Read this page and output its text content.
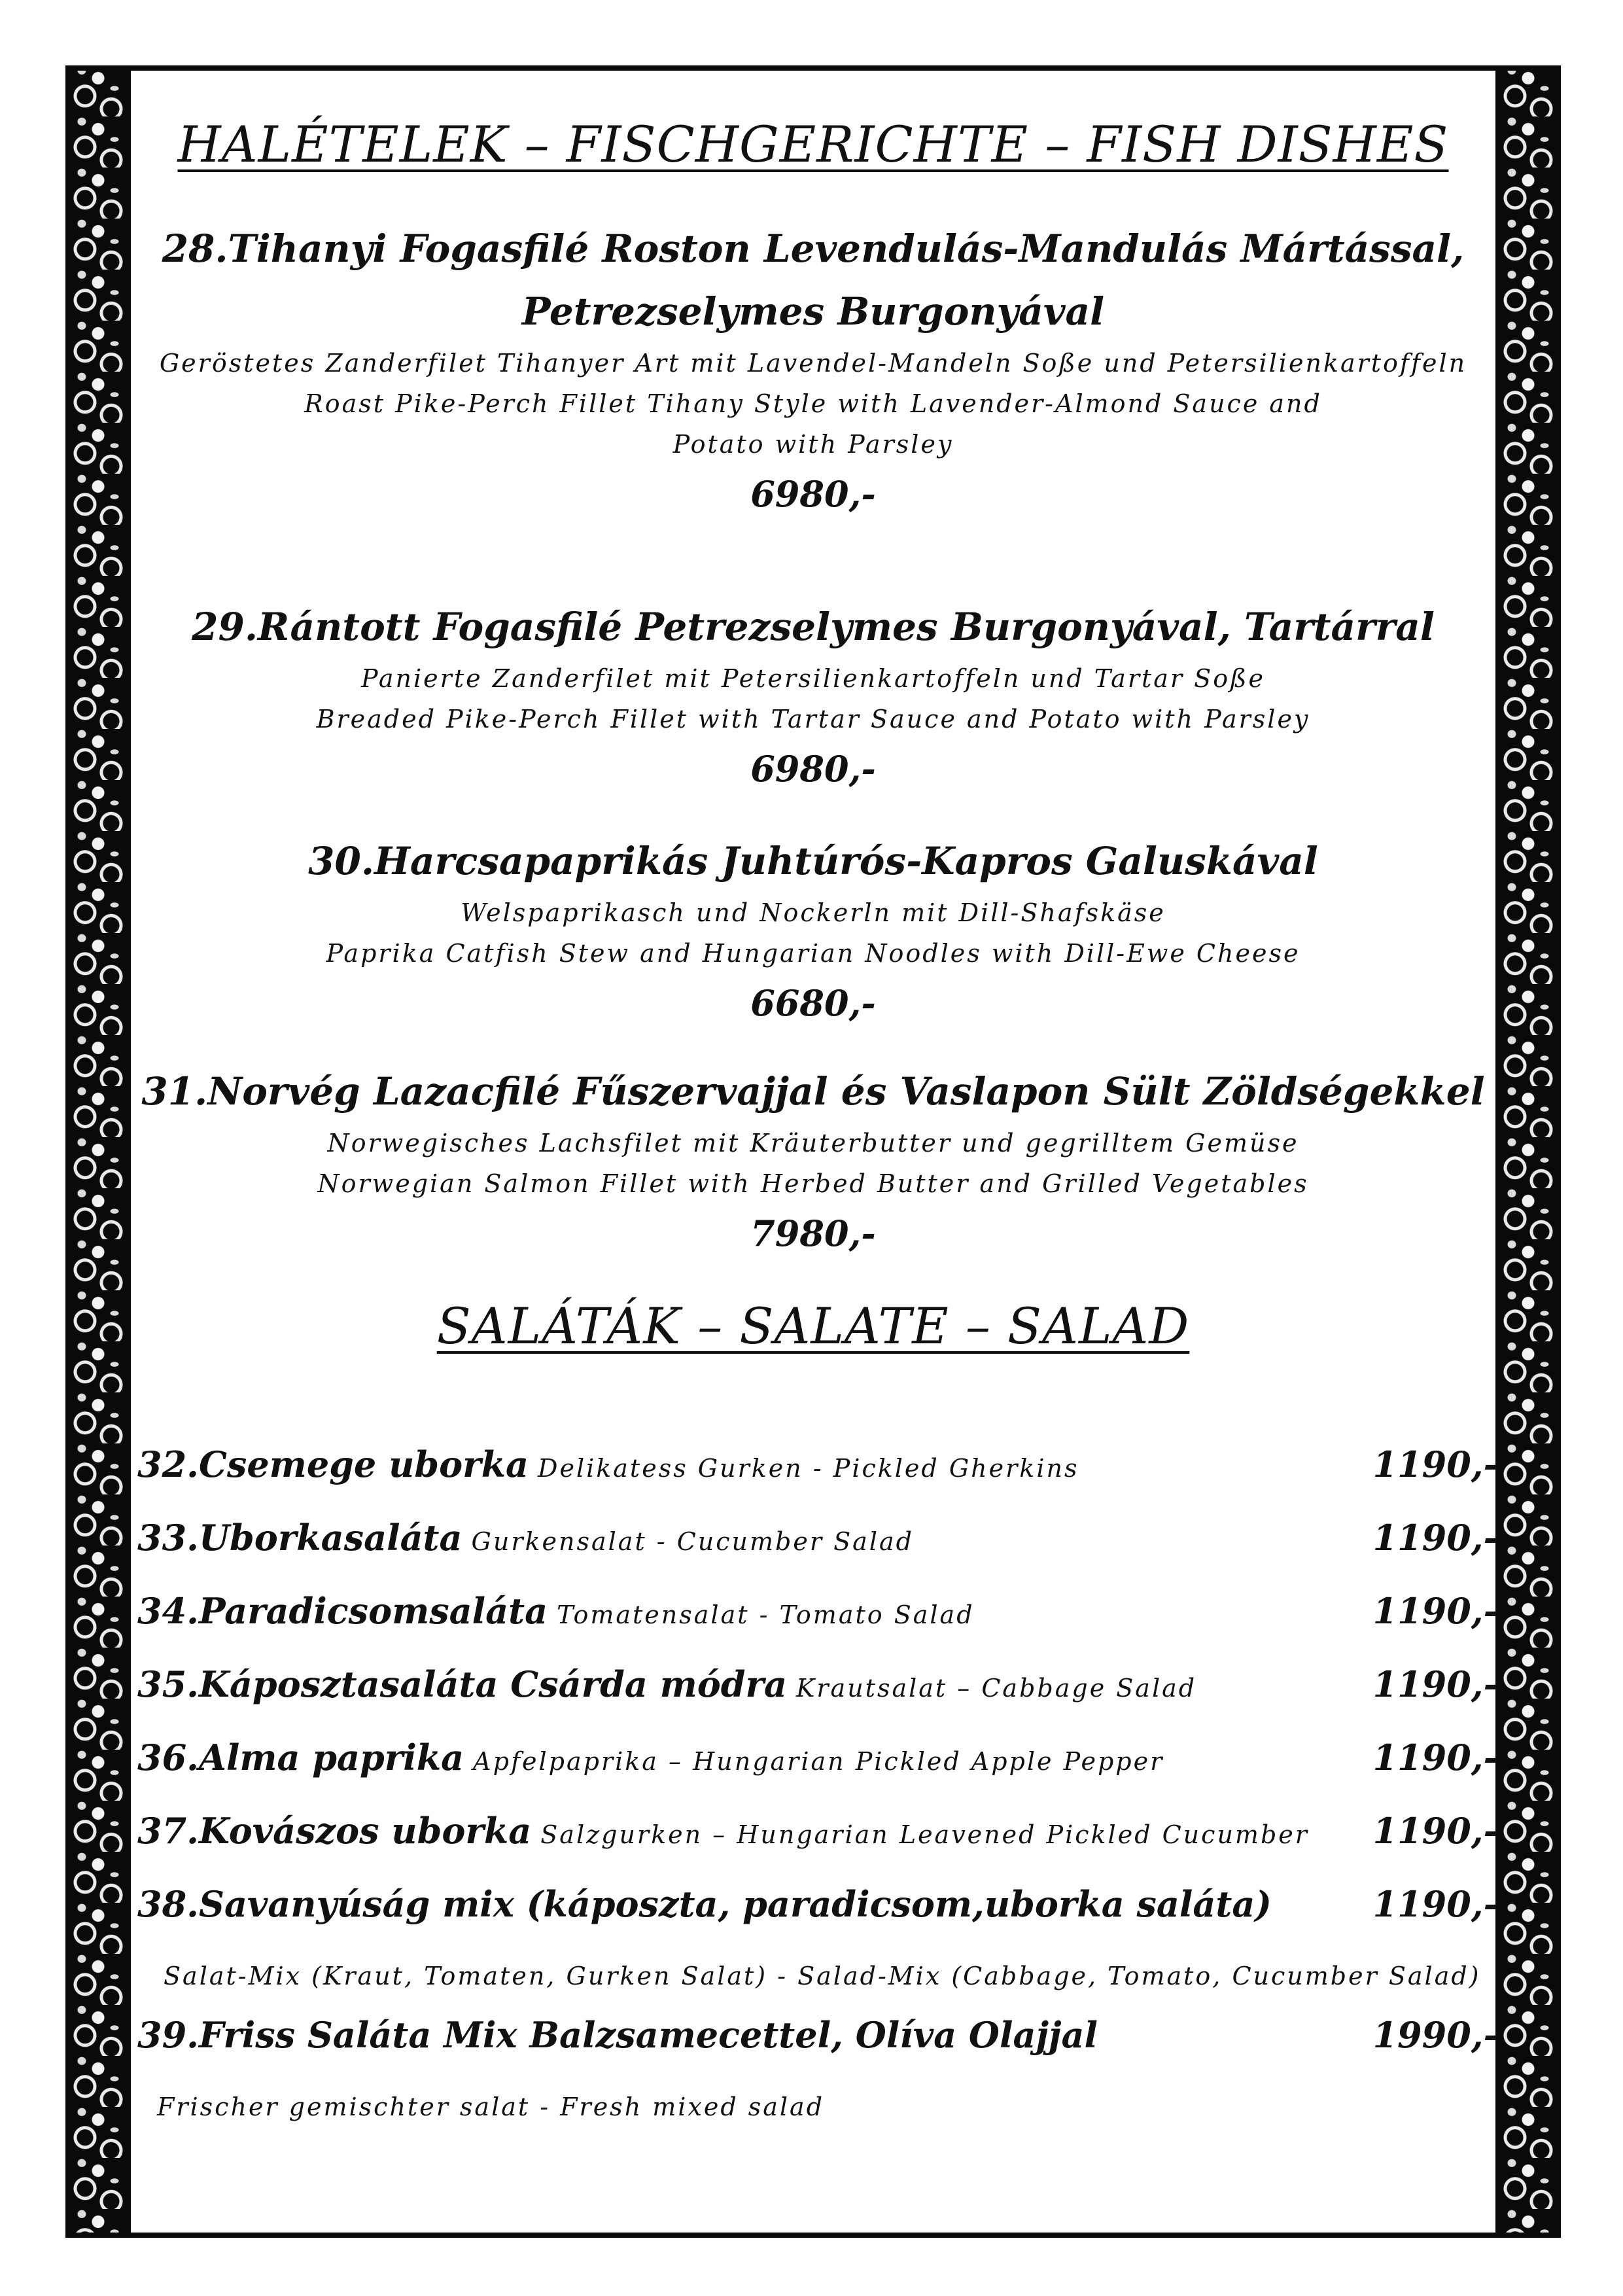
HALÉTELEK – FISCHGERICHTE – FISH DISHES

28.Tihanyi Fogasfilé Roston Levendulás-Mandulás Mártással,

Petrezselymes Burgonyával

Geröstetes Zanderfilet Tihanyer Art mit Lavendel-Mandeln Soße und Petersilienkartoffeln

Roast Pike-Perch Fillet Tihany Style with Lavender-Almond Sauce and

Potato with Parsley

6980,-

29.Rántott Fogasfilé Petrezselymes Burgonyával, Tartárral

Panierte Zanderfilet mit Petersilienkartoffeln und Tartar Soße

Breaded Pike-Perch Fillet with Tartar Sauce and Potato with Parsley

6980,-

30.Harcsapaprikás Juhtúrós-Kapros Galuskával

Welspaprikasch und Nockerln mit Dill-Shafskäse

Paprika Catfish Stew and Hungarian Noodles with Dill-Ewe Cheese

6680,-

31.Norvég Lazacfilé Fűszervajjal és Vaslapon Sült Zöldségekkel

Norwegisches Lachsfilet mit Kräuterbutter und gegrilltem Gemüse

Norwegian Salmon Fillet with Herbed Butter and Grilled Vegetables

7980,-

SALÁTÁK – SALATE – SALAD
32.Csemege uborka Delikatess Gurken - Pickled Gherkins	1190,-
33.Uborkasaláta Gurkensalat - Cucumber Salad	1190,-
34.Paradicsomsaláta Tomatensalat - Tomato Salad	1190,-
35.Káposztasaláta Csárda módra Krautsalat – Cabbage Salad	1190,-
36.Alma paprika Apfelpaprika – Hungarian Pickled Apple Pepper	1190,-
37.Kovászos uborka Salzgurken – Hungarian Leavened Pickled Cucumber 1190,-
38.Savanyúság mix (káposzta, paradicsom,uborka saláta)	1190,-
Salat-Mix (Kraut, Tomaten, Gurken Salat) - Salad-Mix (Cabbage, Tomato, Cucumber Salad)
39.Friss Saláta Mix Balzsamecettel, Olíva Olajjal	1990,-
Frischer gemischter salat - Fresh mixed salad
